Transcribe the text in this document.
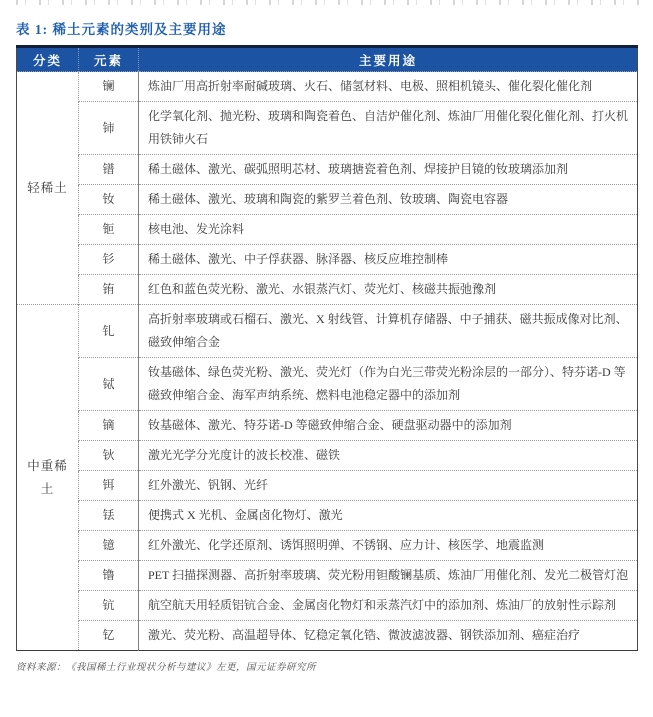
表 1: 稀土元素的类别及主要用途
分类	元素	主要用途
轻稀土	镧	炼油厂用高折射率耐碱玻璃、火石、储氢材料、电极、照相机镜头、催化裂化催化剂
	铈	化学氧化剂、抛光粉、玻璃和陶瓷着色、自洁炉催化剂、炼油厂用催化裂化催化剂、打火机用铁铈火石
	镨	稀土磁体、激光、碳弧照明芯材、玻璃搪瓷着色剂、焊接护目镜的钕玻璃添加剂
	钕	稀土磁体、激光、玻璃和陶瓷的紫罗兰着色剂、钕玻璃、陶瓷电容器
	钷	核电池、发光涂料
	钐	稀土磁体、激光、中子俘获器、脉泽器、核反应堆控制棒
	铕	红色和蓝色荧光粉、激光、水银蒸汽灯、荧光灯、核磁共振弛豫剂
中重稀土	钆	高折射率玻璃或石榴石、激光、X 射线管、计算机存储器、中子捕获、磁共振成像对比剂、磁致伸缩合金
	铽	钕基磁体、绿色荧光粉、激光、荧光灯（作为白光三带荧光粉涂层的一部分）、特芬诺-D 等磁致伸缩合金、海军声纳系统、燃料电池稳定器中的添加剂
	镝	钕基磁体、激光、特芬诺-D 等磁致伸缩合金、硬盘驱动器中的添加剂
	钬	激光光学分光度计的波长校准、磁铁
	铒	红外激光、钒钢、光纤
	铥	便携式 X 光机、金属卤化物灯、激光
	镱	红外激光、化学还原剂、诱饵照明弹、不锈钢、应力计、核医学、地震监测
	镥	PET 扫描探测器、高折射率玻璃、荧光粉用钽酸镧基质、炼油厂用催化剂、发光二极管灯泡
	钪	航空航天用轻质铝钪合金、金属卤化物灯和汞蒸汽灯中的添加剂、炼油厂的放射性示踪剂
	钇	激光、荧光粉、高温超导体、钇稳定氧化锆、微波滤波器、钢铁添加剂、癌症治疗
资料来源：《我国稀土行业现状分析与建议》左更，国元证券研究所
